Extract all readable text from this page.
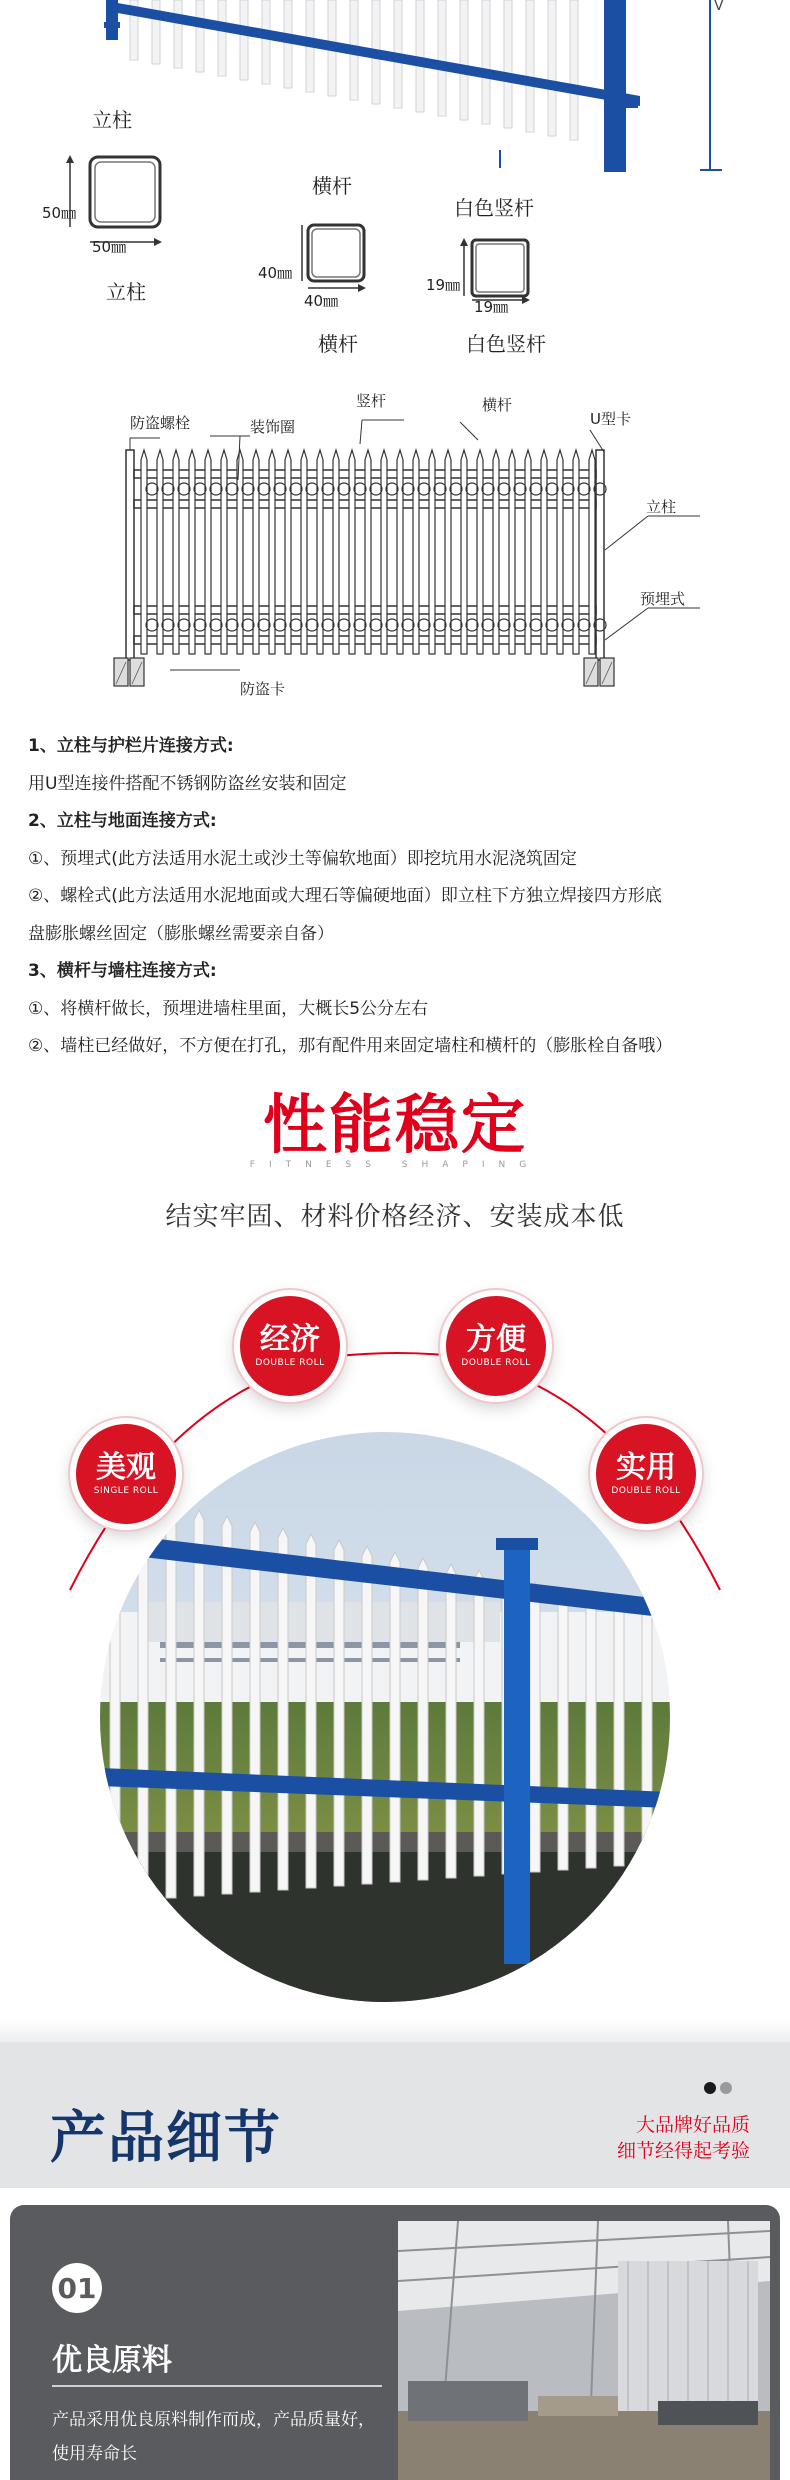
V
立柱
50㎜
50㎜
立柱
横杆
40㎜
40㎜
横杆
白色竖杆
19㎜
19㎜
白色竖杆
防盗螺栓	装饰圈
竖杆	横杆
U型卡
立柱
预埋式
防盗卡

1、立柱与护栏片连接方式:

用U型连接件搭配不锈钢防盗丝安装和固定

2、立柱与地面连接方式:

①、预埋式(此方法适用水泥土或沙土等偏软地面）即挖坑用水泥浇筑固定

②、螺栓式(此方法适用水泥地面或大理石等偏硬地面）即立柱下方独立焊接四方形底

盘膨胀螺丝固定（膨胀螺丝需要亲自备）

3、横杆与墙柱连接方式:

①、将横杆做长，预埋进墙柱里面，大概长5公分左右

②、墙柱已经做好，不方便在打孔，那有配件用来固定墙柱和横杆的（膨胀栓自备哦）

性能稳定
FITNESS SHAPING
结实牢固、材料价格经济、安装成本低
经济
DOUBLE ROLL
方便
DOUBLE ROLL
美观
SINGLE ROLL
实用
DOUBLE ROLL
产品细节	大品牌好品质
细节经得起考验
01
优良原料
产品采用优良原料制作而成，产品质量好，使用寿命长
